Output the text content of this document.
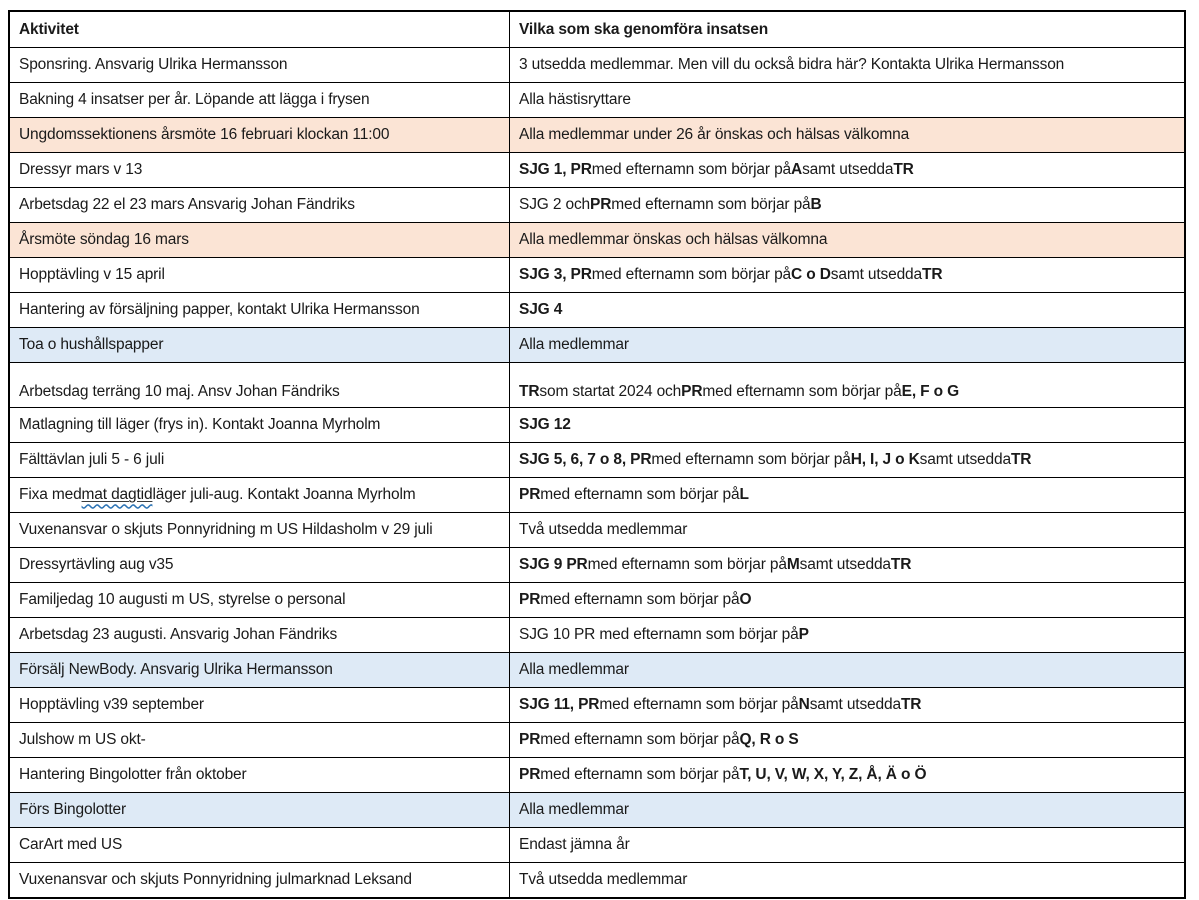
Aktivitet	Vilka som ska genomföra insatsen
Sponsring. Ansvarig Ulrika Hermansson	3 utsedda medlemmar. Men vill du också bidra här? Kontakta Ulrika Hermansson
Bakning 4 insatser per år. Löpande att lägga i frysen	Alla hästisryttare
Ungdomssektionens årsmöte 16 februari klockan 11:00	Alla medlemmar under 26 år önskas och hälsas välkomna
Dressyr mars v 13	SJG 1, PR med efternamn som börjar på A samt utsedda TR
Arbetsdag 22 el 23 mars Ansvarig Johan Fändriks	SJG 2 och PR med efternamn som börjar på B
Årsmöte söndag 16 mars	Alla medlemmar önskas och hälsas välkomna
Hopptävling v 15 april	SJG 3, PR med efternamn som börjar på C o D samt utsedda TR
Hantering av försäljning papper, kontakt Ulrika Hermansson	SJG 4
Toa o hushållspapper	Alla medlemmar
Arbetsdag terräng 10 maj. Ansv Johan Fändriks	TR som startat 2024 och PR med efternamn som börjar på E, F o G
Matlagning till läger (frys in). Kontakt Joanna Myrholm	SJG 12
Fälttävlan juli 5 - 6 juli	SJG 5, 6, 7 o 8, PR med efternamn som börjar på H, I, J o K samt utsedda TR
Fixa med mat dagtid läger juli-aug. Kontakt Joanna Myrholm	PR med efternamn som börjar på L
Vuxenansvar o skjuts Ponnyridning m US Hildasholm v 29 juli	Två utsedda medlemmar
Dressyrtävling aug v35	SJG 9 PR med efternamn som börjar på M samt utsedda TR
Familjedag 10 augusti m US, styrelse o personal	PR med efternamn som börjar på O
Arbetsdag 23 augusti. Ansvarig Johan Fändriks	SJG 10 PR med efternamn som börjar på P
Försälj NewBody. Ansvarig Ulrika Hermansson	Alla medlemmar
Hopptävling v39 september	SJG 11, PR med efternamn som börjar på N samt utsedda TR
Julshow m US okt-	PR med efternamn som börjar på Q, R o S
Hantering Bingolotter från oktober	PR med efternamn som börjar på T, U, V, W, X, Y, Z, Å, Ä o Ö
Förs Bingolotter	Alla medlemmar
CarArt med US	Endast jämna år
Vuxenansvar och skjuts Ponnyridning julmarknad Leksand	Två utsedda medlemmar
